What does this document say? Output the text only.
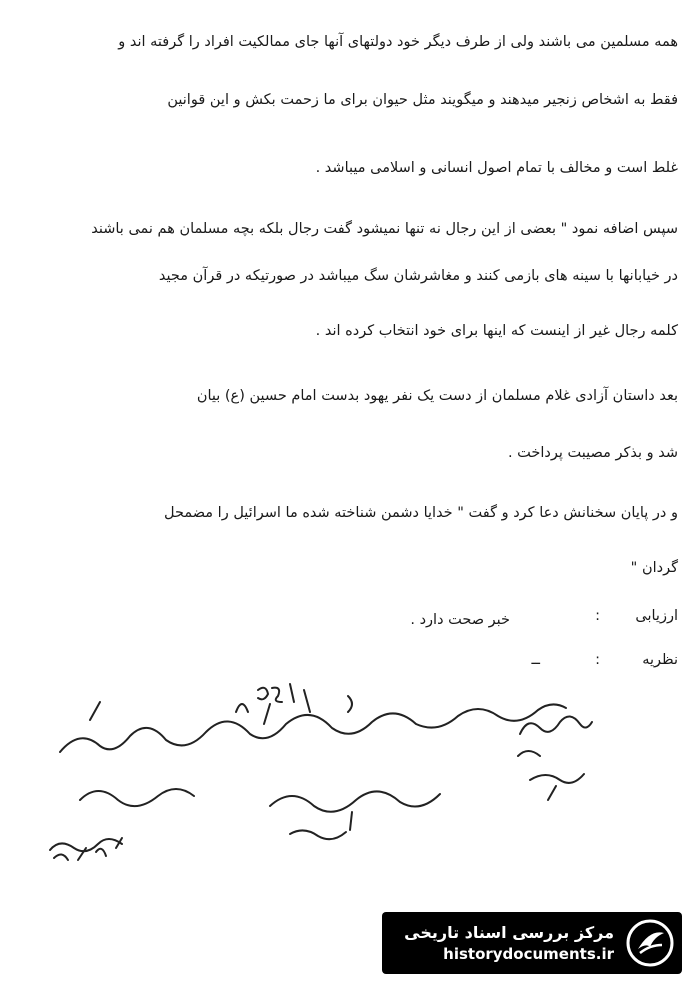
همه مسلمین می باشند ولی از طرف دیگر خود دولتهای آنها جای ممالکیت افراد را گرفته اند و
فقط به اشخاص زنجیر میدهند و میگویند مثل حیوان برای ما زحمت بکش و این قوانین
غلط است و مخالف با تمام اصول انسانی و اسلامی میباشد .
سپس اضافه نمود " بعضی از این رجال نه تنها نمیشود گفت رجال بلکه بچه مسلمان هم نمی باشند
در خیابانها با سینه های بازمی کنند و مغاشرشان سگ میباشد در صورتیکه در قرآن مجید
کلمه رجال غیر از اینست که اینها برای خود انتخاب کرده اند .
بعد داستان آزادی غلام مسلمان از دست یک نفر یهود بدست امام حسین (ع) بیان
شد و بذکر مصیبت پرداخت .
و در پایان سخنانش دعا کرد و گفت " خدایا دشمن شناخته شده ما اسرائیل را مضمحل
گردان "
ارزیابی
:
خبر صحت دارد .
نظریه
:
ــ
مرکز بررسی اسناد تاریخی
historydocuments.ir
